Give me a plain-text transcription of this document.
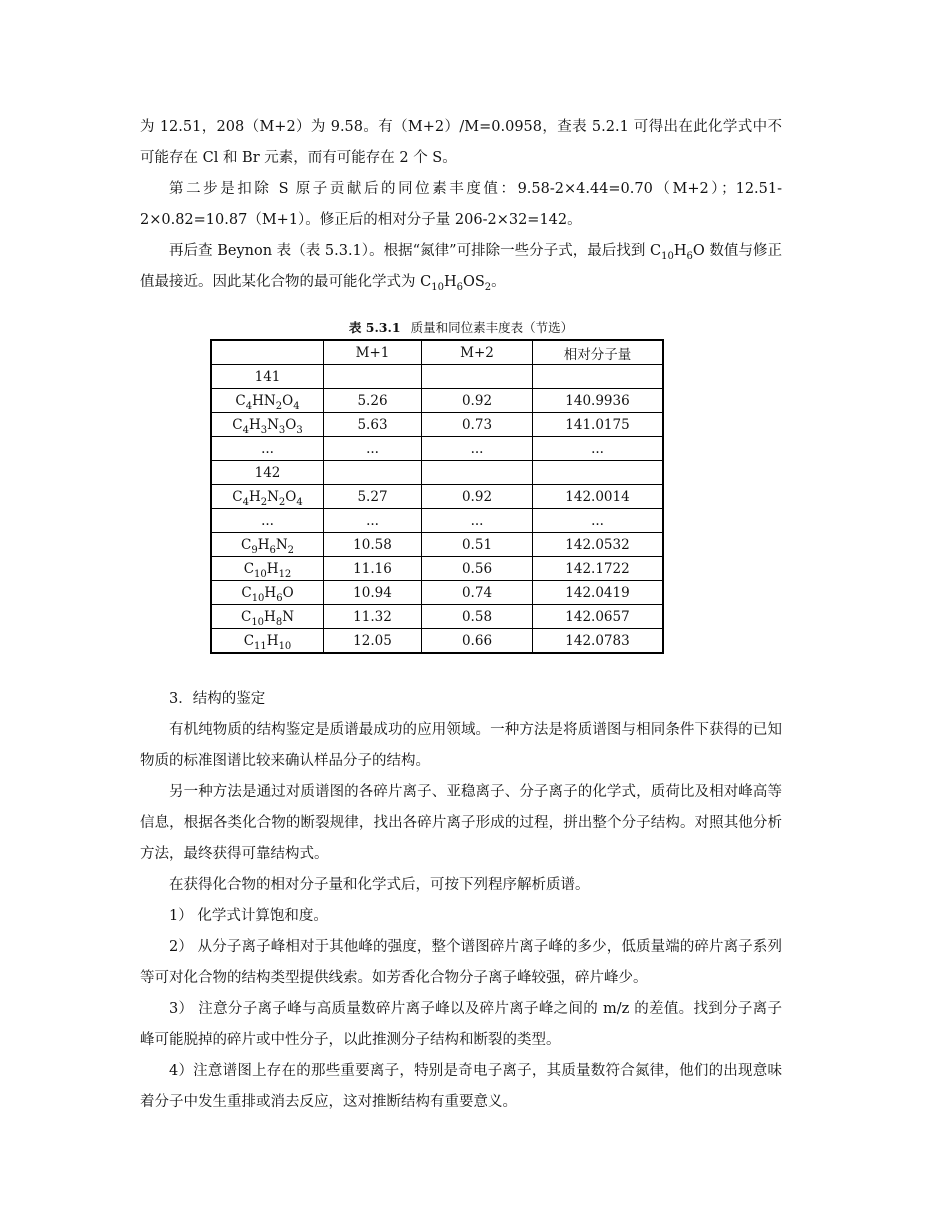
为 12.51，208（M+2）为 9.58。有（M+2）/M=0.0958，查表 5.2.1 可得出在此化学式中不可能存在 Cl 和 Br 元素，而有可能存在 2 个 S。

第二步是扣除 S 原子贡献后的同位素丰度值：9.58-2×4.44=0.70（M+2）；12.51-2×0.82=10.87（M+1）。修正后的相对分子量 206-2×32=142。

再后查 Beynon 表（表 5.3.1）。根据“氮律”可排除一些分子式，最后找到 $C_{10}H_6O$ 数值与修正值最接近。因此某化合物的最可能化学式为 $C_{10}H_6OS_2$。

表 5.3.1 质量和同位素丰度表（节选）
	M+1	M+2	相对分子量
141			
$C_4HN_2O_4$	5.26	0.92	140.9936
$C_4H_3N_3O_3$	5.63	0.73	141.0175
...	...	...	...
142			
$C_4H_2N_2O_4$	5.27	0.92	142.0014
...	...	...	...
$C_9H_6N_2$	10.58	0.51	142.0532
$C_{10}H_{12}$	11.16	0.56	142.1722
$C_{10}H_6O$	10.94	0.74	142.0419
$C_{10}H_8N$	11.32	0.58	142.0657
$C_{11}H_{10}$	12.05	0.66	142.0783

3．结构的鉴定

有机纯物质的结构鉴定是质谱最成功的应用领域。一种方法是将质谱图与相同条件下获得的已知物质的标准图谱比较来确认样品分子的结构。

另一种方法是通过对质谱图的各碎片离子、亚稳离子、分子离子的化学式，质荷比及相对峰高等信息，根据各类化合物的断裂规律，找出各碎片离子形成的过程，拼出整个分子结构。对照其他分析方法，最终获得可靠结构式。

在获得化合物的相对分子量和化学式后，可按下列程序解析质谱。

1） 化学式计算饱和度。

2） 从分子离子峰相对于其他峰的强度，整个谱图碎片离子峰的多少，低质量端的碎片离子系列等可对化合物的结构类型提供线索。如芳香化合物分子离子峰较强，碎片峰少。

3） 注意分子离子峰与高质量数碎片离子峰以及碎片离子峰之间的 m/z 的差值。找到分子离子峰可能脱掉的碎片或中性分子，以此推测分子结构和断裂的类型。

4）注意谱图上存在的那些重要离子，特别是奇电子离子，其质量数符合氮律，他们的出现意味着分子中发生重排或消去反应，这对推断结构有重要意义。
